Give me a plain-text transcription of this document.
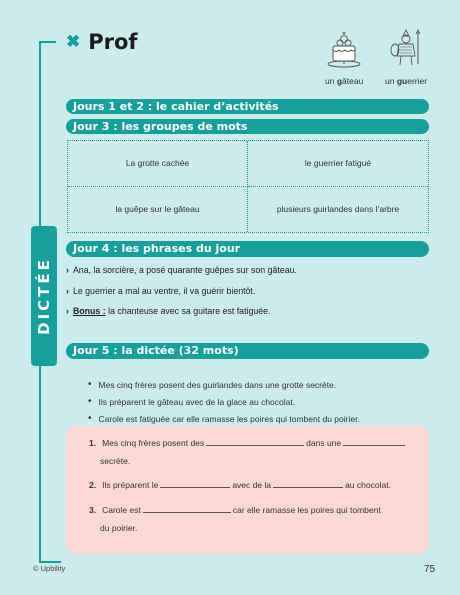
✖ Prof
un gâteau	un guerrier
Jours 1 et 2 : le cahier d’activités
Jour 3 : les groupes de mots
La grotte cachée	le guerrier fatigué
la guêpe sur le gâteau	plusieurs guirlandes dans l’arbre
DICTÉE
Jour 4 : les phrases du jour
› Ana, la sorcière, a posé quarante guêpes sur son gâteau.
› Le guerrier a mal au ventre, il va guérir bientôt.
› Bonus : la chanteuse avec sa guitare est fatiguée.
Jour 5 : la dictée (32 mots)
• Mes cinq frères posent des guirlandes dans une grotte secrète.
• Ils préparent le gâteau avec de la glace au chocolat.
• Carole est fatiguée car elle ramasse les poires qui tombent du poirier.
1. Mes cinq frères posent des	dans une
secrète.
2. Ils préparent le	avec de la	au chocolat.
3. Carole est	car elle ramasse les poires qui tombent
du poirier.
© Upbility	75
